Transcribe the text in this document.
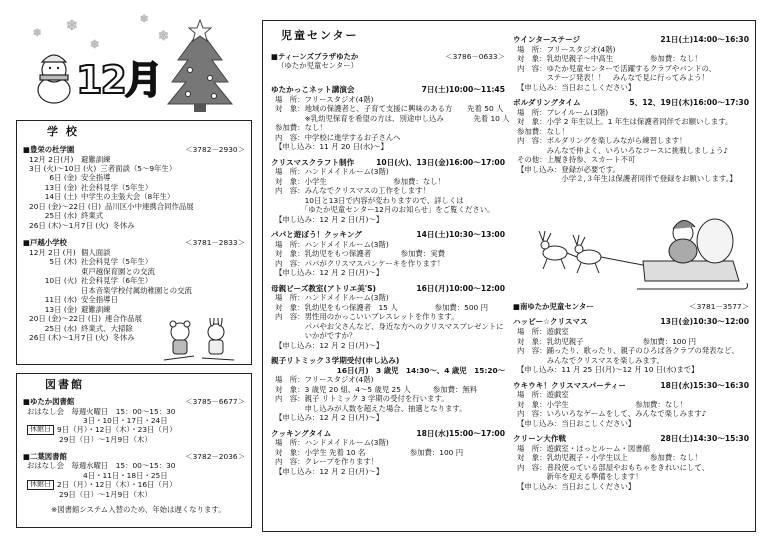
❄
❄
❄
❄
❄
12月
学 校
■豊栄の杜学園	＜3782－2930＞
12月 2日(月)	避難訓練
3日 (火)～10日 (火) 三者面談（5～9年生）
6日 (金) 安全指導
13日 (金) 社会科見学（5年生）
14日 (土) 中学生の主張大会（8年生）
20日 (金)～22日 (日) 品川区小中連携合同作品展
25日 (水) 終業式
26日 (木)～1月7日 (火) 冬休み
■戸越小学校	＜3781－2833＞
12月 2日 (月) 個人面談
5日 (木) 社会科見学（5年生）
東戸越保育園との交流
10日 (火) 社会科見学（6年生）
日本音楽学校付属幼稚園との交流
11日 (水) 安全指導日
13日 (金) 避難訓練
20日 (金)～22日 (日) 連合作品展
25日 (水) 終業式、大掃除
26日 (木)～1月7日 (火) 冬休み
図書館
■ゆたか図書館	＜3785－6677＞
おはなし会　毎週火曜日　15：00～15：30
3日・10日・17日・24日
休館日 9日（月）・12日（木）・23日（月）
29日（日）～1月9日（木）
■二葉図書館	＜3782－2036＞
おはなし会　毎週水曜日　15：00～15：30
4日・11日・18日・25日
休館日 2日（月）・12日（木）・16日（月）
29日（日）～1月9日（木）
※図書館システム入替のため、年始は遅くなります。
児童センター
■ティーンズプラザゆたか	＜3786－0633＞
（ゆたか児童センター）
ゆたかっこネット講演会	7日(土)10:00～11:45
場　所：フリースタジオ(4階)
対　象：地域の保護者と、子育て支援に興味のある方　　先着 50 人
　　　　※乳幼児保育を希望の方は、別途申し込み　　　　先着 10 人
参加費：なし！
内　容：中学校に進学するお子さんへ
【申し込み：11 月 20 日(水)～】
クリスマスクラフト制作	10日(火)、13日(金)16:00～17:00
場　所：ハンドメイドルーム(3階)
対　象：小学生　　　　　　　　　参加費：なし！
内　容：みんなでクリスマスの工作をします！
　　　　10日と13日で内容が変わりますので、詳しくは
　　　　「ゆたか児童センター12月のお知らせ」をご覧ください。
【申し込み：12 月 2 日(月)～】
パパと遊ぼう！クッキング	14日(土)10:30～13:00
場　所：ハンドメイドルーム(3階)
対　象：乳幼児をもつ保護者　　　　参加費：実費
内　容：パパがクリスマスパンケーキを作ります！
【申し込み：12 月 2 日(月)～】
母親ビーズ教室(アトリエ美'S)	16日(月)10:00～12:00
場　所：ハンドメイドルーム(3階)
対　象：乳幼児をもつ保護者　15 人　　　　　参加費：500 円
内　容：男性用のかっこいいブレスレットを作ります。
　　　　パパやお父さんなど、身近な方へのクリスマスプレゼントに
　　　　いかがですか？
【申し込み：12 月 2 日(月)～】
親子リトミック３学期受付(申し込み)
16日(月)　3 歳児　14:30～、4 歳児　15:20～
場　所：フリースタジオ(4階)
対　象：3 歳児 20 組、4～5 歳児 25 人　　　参加費：無料
内　容：親子 リトミック 3 学期の受付を行います。
　　　　申し込みが人数を超えた場合、抽選となります。
【申し込み：12 月 2 日(月)～】
クッキングタイム	18日(水)15:00～17:00
場　所：ハンドメイドルーム(3階)
対　象：小学生 先着 10 名　　　　　　参加費：100 円
内　容：クレープを作ります！
【申し込み：12 月 2 日(月)～】
ウインターステージ	21日(土)14:00～16:30
場　所：フリースタジオ(4階)
対　象：乳幼児親子～中高生　　　　　参加費：なし！
内　容：ゆたか児童センターで活躍するクラブやバンドの、
　　　　ステージ発表！！　みんなで見に行ってみよう！
【申し込み：当日おこしください】
ボルダリングタイム	5、12、19日(木)16:00～17:30
場　所：プレイルーム(3階)
対　象：小学 2 年生以上。1 年生は保護者同伴でお願いします。
参加費：なし！
内　容：ボルダリングを楽しみながら練習します！
　　　　みんなで仲よく、いろいろなコースに挑戦しましょう♪
その他：上履き持参、スカート不可
【申し込み：登録が必要です。
　　　　　　小学２,３年生は保護者同伴で登録をお願いします。】
■南ゆたか児童センター	＜3781－3577＞
ハッピー☆クリスマス	13日(金)10:30～12:00
場　所：遊戯室
対　象：乳幼児親子　　　　　　　　参加費：100 円
内　容：踊ったり、歌ったり、親子のひろば各クラブの発表など、
　　　　みんなでクリスマスを楽しみます。
【申し込み：11 月 25 日(月)～12 月 10 日(水)まで】
ウキウキ！クリスマスパーティー	18日(水)15:30～16:30
場　所：遊戯室
対　象：小学生　　　　　　　　　参加費：なし！
内　容：いろいろなゲームをして、みんなで楽しみます♪
【申し込み：当日おこしください】
クリーン大作戦	28日(土)14:30～15:30
場　所：遊戯室・ほっとルーム・図書館
対　象：乳幼児親子・小学生以上　　　参加費：なし！
内　容：普段使っている部屋やおもちゃをきれいにして、
　　　　新年を迎える準備をします！
【申し込み：当日おこしください】
